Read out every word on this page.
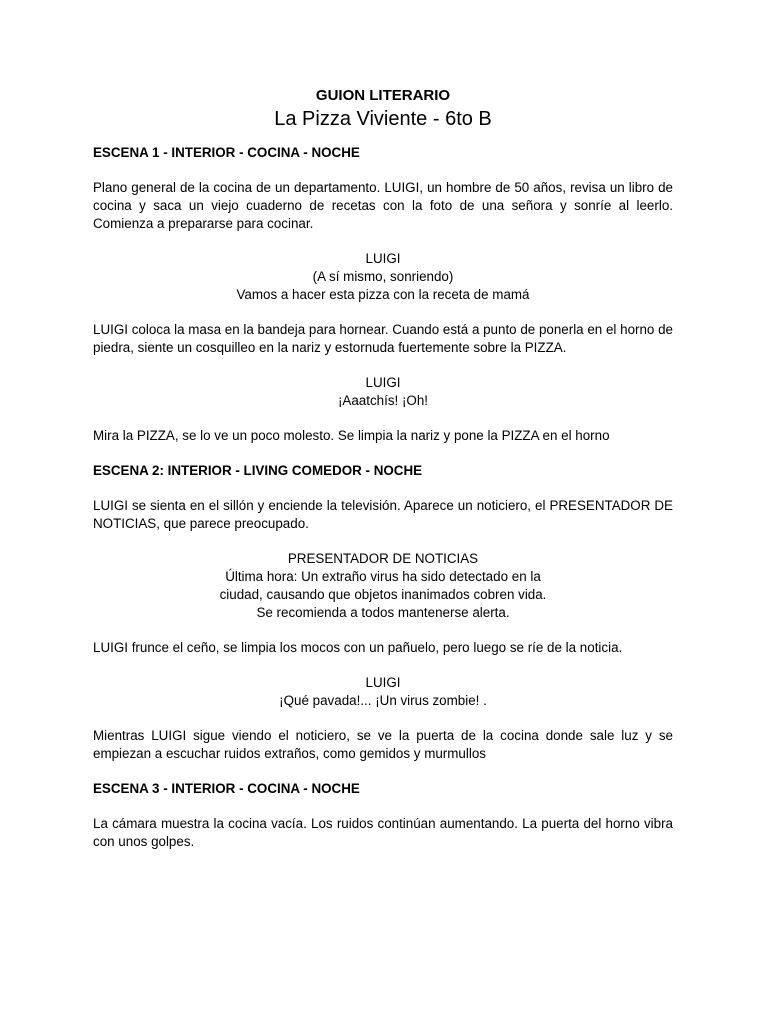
GUION LITERARIO
La Pizza Viviente - 6to B
ESCENA 1 - INTERIOR - COCINA - NOCHE
Plano general de la cocina de un departamento. LUIGI, un hombre de 50 años, revisa un libro de cocina y saca un viejo cuaderno de recetas con la foto de una señora y sonríe al leerlo. Comienza a prepararse para cocinar.
LUIGI
(A sí mismo, sonriendo)
Vamos a hacer esta pizza con la receta de mamá
LUIGI coloca la masa en la bandeja para hornear. Cuando está a punto de ponerla en el horno de piedra, siente un cosquilleo en la nariz y estornuda fuertemente sobre la PIZZA.
LUIGI
¡Aaatchís! ¡Oh!
Mira la PIZZA, se lo ve un poco molesto. Se limpia la nariz y pone la PIZZA en el horno
ESCENA 2: INTERIOR - LIVING COMEDOR - NOCHE
LUIGI se sienta en el sillón y enciende la televisión. Aparece un noticiero, el PRESENTADOR DE NOTICIAS, que parece preocupado.
PRESENTADOR DE NOTICIAS
Última hora: Un extraño virus ha sido detectado en la
ciudad, causando que objetos inanimados cobren vida.
Se recomienda a todos mantenerse alerta.
LUIGI frunce el ceño, se limpia los mocos con un pañuelo, pero luego se ríe de la noticia.
LUIGI
¡Qué pavada!... ¡Un virus zombie! .
Mientras LUIGI sigue viendo el noticiero, se ve la puerta de la cocina donde sale luz y se empiezan a escuchar ruidos extraños, como gemidos y murmullos
ESCENA 3 - INTERIOR - COCINA - NOCHE
La cámara muestra la cocina vacía. Los ruidos continúan aumentando. La puerta del horno vibra con unos golpes.
